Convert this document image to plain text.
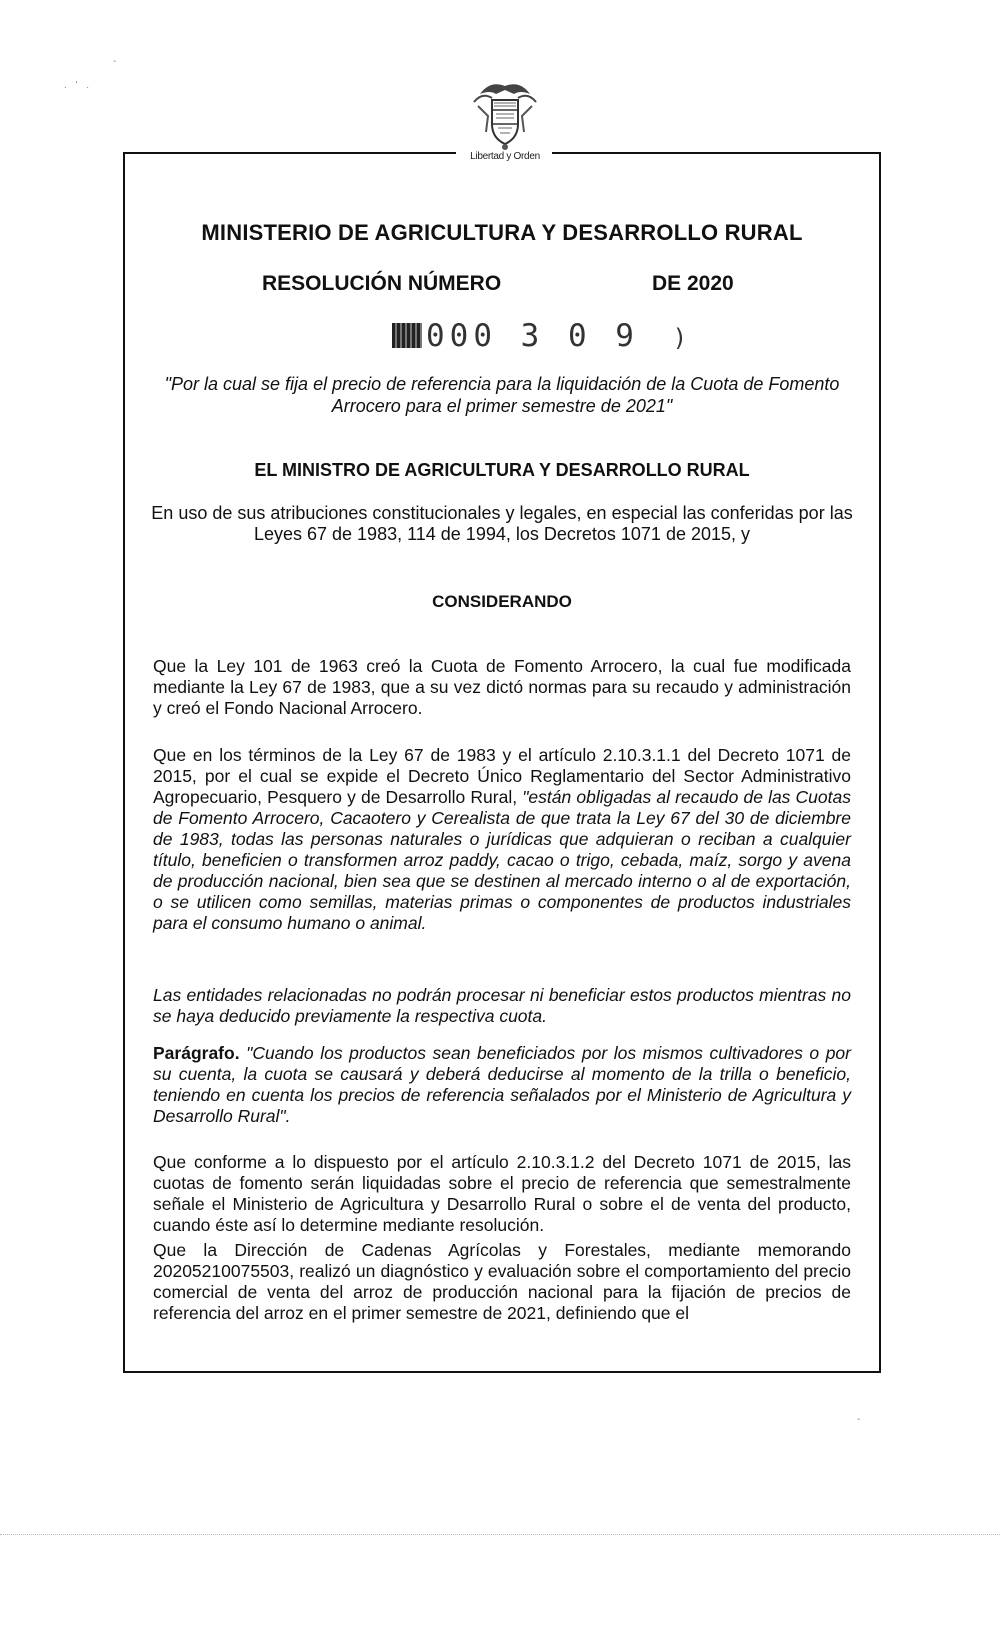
-
. ' .
Libertad y Orden
MINISTERIO DE AGRICULTURA Y DESARROLLO RURAL
RESOLUCIÓN NÚMERO	DE 2020
000 3 0 9 )
"Por la cual se fija el precio de referencia para la liquidación de la Cuota de Fomento Arrocero para el primer semestre de 2021"
EL MINISTRO DE AGRICULTURA Y DESARROLLO RURAL
En uso de sus atribuciones constitucionales y legales, en especial las conferidas por las Leyes 67 de 1983, 114 de 1994, los Decretos 1071 de 2015, y
CONSIDERANDO

Que la Ley 101 de 1963 creó la Cuota de Fomento Arrocero, la cual fue modificada mediante la Ley 67 de 1983, que a su vez dictó normas para su recaudo y administración y creó el Fondo Nacional Arrocero.

Que en los términos de la Ley 67 de 1983 y el artículo 2.10.3.1.1 del Decreto 1071 de 2015, por el cual se expide el Decreto Único Reglamentario del Sector Administrativo Agropecuario, Pesquero y de Desarrollo Rural, "están obligadas al recaudo de las Cuotas de Fomento Arrocero, Cacaotero y Cerealista de que trata la Ley 67 del 30 de diciembre de 1983, todas las personas naturales o jurídicas que adquieran o reciban a cualquier título, beneficien o transformen arroz paddy, cacao o trigo, cebada, maíz, sorgo y avena de producción nacional, bien sea que se destinen al mercado interno o al de exportación, o se utilicen como semillas, materias primas o componentes de productos industriales para el consumo humano o animal.

Las entidades relacionadas no podrán procesar ni beneficiar estos productos mientras no se haya deducido previamente la respectiva cuota.

Parágrafo. "Cuando los productos sean beneficiados por los mismos cultivadores o por su cuenta, la cuota se causará y deberá deducirse al momento de la trilla o beneficio, teniendo en cuenta los precios de referencia señalados por el Ministerio de Agricultura y Desarrollo Rural".

Que conforme a lo dispuesto por el artículo 2.10.3.1.2 del Decreto 1071 de 2015, las cuotas de fomento serán liquidadas sobre el precio de referencia que semestralmente señale el Ministerio de Agricultura y Desarrollo Rural o sobre el de venta del producto, cuando éste así lo determine mediante resolución.

Que la Dirección de Cadenas Agrícolas y Forestales, mediante memorando 20205210075503, realizó un diagnóstico y evaluación sobre el comportamiento del precio comercial de venta del arroz de producción nacional para la fijación de precios de referencia del arroz en el primer semestre de 2021, definiendo que el

-
